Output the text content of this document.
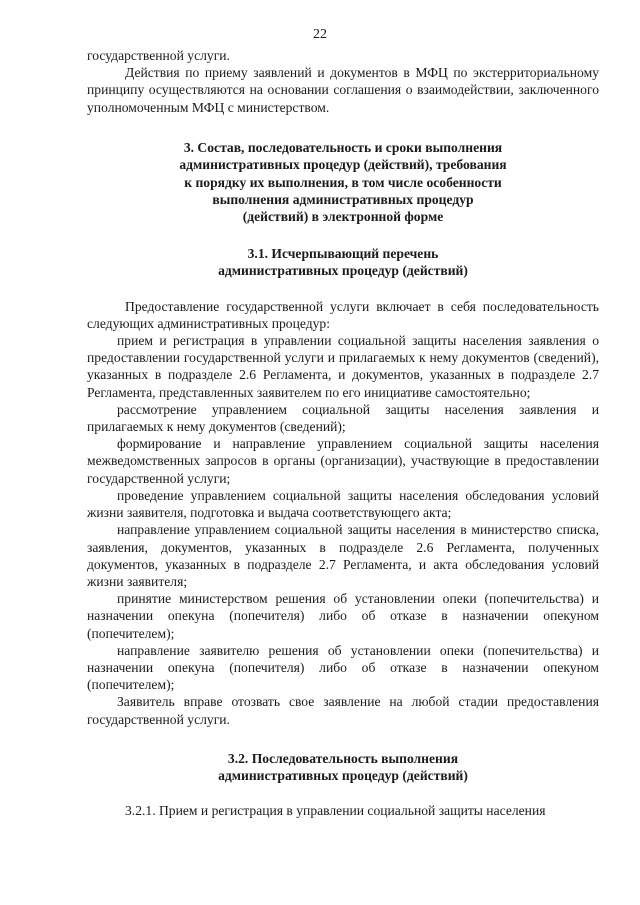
22

государственной услуги.

Действия по приему заявлений и документов в МФЦ по экстерриториальному принципу осуществляются на основании соглашения о взаимодействии, заключенного уполномоченным МФЦ с министерством.

3. Состав, последовательность и сроки выполнения
административных процедур (действий), требования
к порядку их выполнения, в том числе особенности
выполнения административных процедур
(действий) в электронной форме
3.1. Исчерпывающий перечень
административных процедур (действий)

Предоставление государственной услуги включает в себя последовательность следующих административных процедур:

прием и регистрация в управлении социальной защиты населения заявления о предоставлении государственной услуги и прилагаемых к нему документов (сведений), указанных в подразделе 2.6 Регламента, и документов, указанных в подразделе 2.7 Регламента, представленных заявителем по его инициативе самостоятельно;

рассмотрение управлением социальной защиты населения заявления и прилагаемых к нему документов (сведений);

формирование и направление управлением социальной защиты населения межведомственных запросов в органы (организации), участвующие в предоставлении государственной услуги;

проведение управлением социальной защиты населения обследования условий жизни заявителя, подготовка и выдача соответствующего акта;

направление управлением социальной защиты населения в министерство списка, заявления, документов, указанных в подразделе 2.6 Регламента, полученных документов, указанных в подразделе 2.7 Регламента, и акта обследования условий жизни заявителя;

принятие министерством решения об установлении опеки (попечительства) и назначении опекуна (попечителя) либо об отказе в назначении опекуном (попечителем);

направление заявителю решения об установлении опеки (попечительства) и назначении опекуна (попечителя) либо об отказе в назначении опекуном (попечителем);

Заявитель вправе отозвать свое заявление на любой стадии предоставления государственной услуги.

3.2. Последовательность выполнения
административных процедур (действий)

3.2.1. Прием и регистрация в управлении социальной защиты населения
